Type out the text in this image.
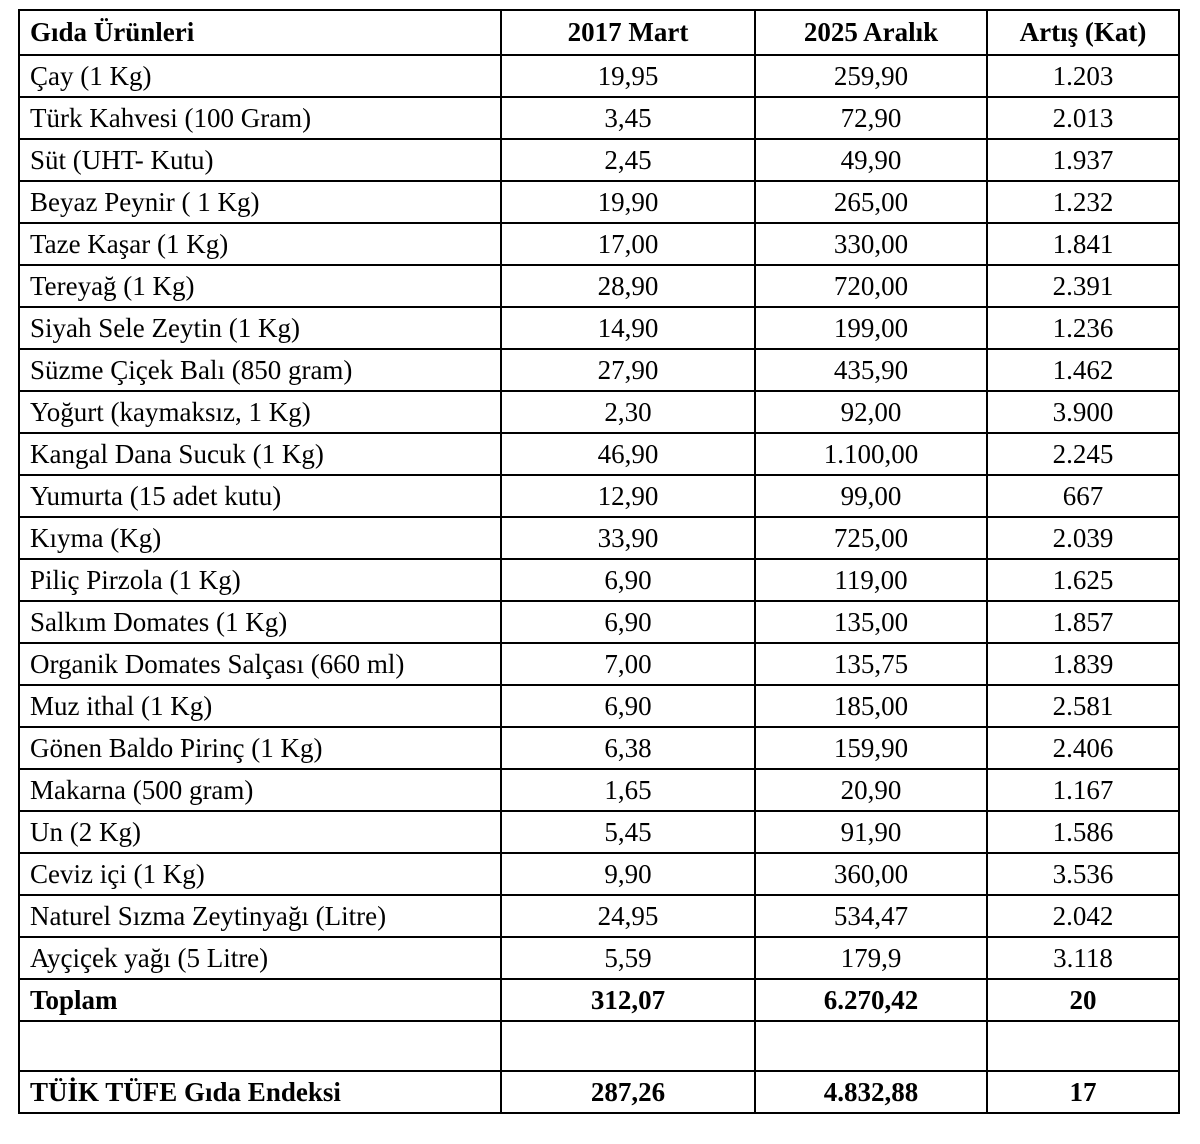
Gıda Ürünleri	2017 Mart	2025 Aralık	Artış (Kat)
Çay (1 Kg)	19,95	259,90	1.203
Türk Kahvesi (100 Gram)	3,45	72,90	2.013
Süt (UHT- Kutu)	2,45	49,90	1.937
Beyaz Peynir ( 1 Kg)	19,90	265,00	1.232
Taze Kaşar (1 Kg)	17,00	330,00	1.841
Tereyağ (1 Kg)	28,90	720,00	2.391
Siyah Sele Zeytin (1 Kg)	14,90	199,00	1.236
Süzme Çiçek Balı (850 gram)	27,90	435,90	1.462
Yoğurt (kaymaksız, 1 Kg)	2,30	92,00	3.900
Kangal Dana Sucuk (1 Kg)	46,90	1.100,00	2.245
Yumurta (15 adet kutu)	12,90	99,00	667
Kıyma (Kg)	33,90	725,00	2.039
Piliç Pirzola (1 Kg)	6,90	119,00	1.625
Salkım Domates (1 Kg)	6,90	135,00	1.857
Organik Domates Salçası (660 ml)	7,00	135,75	1.839
Muz ithal (1 Kg)	6,90	185,00	2.581
Gönen Baldo Pirinç (1 Kg)	6,38	159,90	2.406
Makarna (500 gram)	1,65	20,90	1.167
Un (2 Kg)	5,45	91,90	1.586
Ceviz içi (1 Kg)	9,90	360,00	3.536
Naturel Sızma Zeytinyağı (Litre)	24,95	534,47	2.042
Ayçiçek yağı (5 Litre)	5,59	179,9	3.118
Toplam	312,07	6.270,42	20

TÜİK TÜFE Gıda Endeksi	287,26	4.832,88	17
